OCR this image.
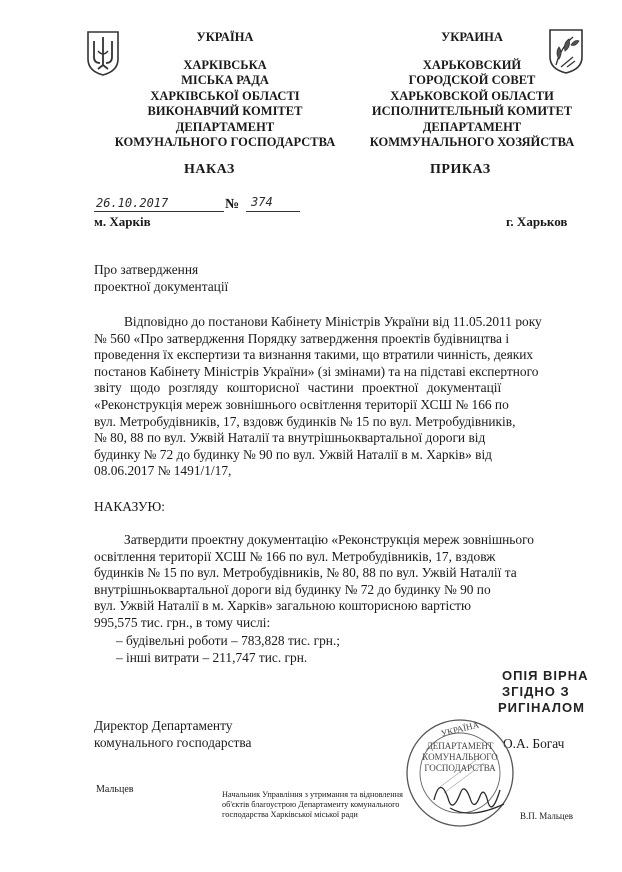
УКРАЇНА
ХАРКІВСЬКА
МІСЬКА РАДА
ХАРКІВСЬКОЇ ОБЛАСТІ
ВИКОНАВЧИЙ КОМІТЕТ
ДЕПАРТАМЕНТ
КОМУНАЛЬНОГО ГОСПОДАРСТВА
УКРАИНА
ХАРЬКОВСКИЙ
ГОРОДСКОЙ СОВЕТ
ХАРЬКОВСКОЙ ОБЛАСТИ
ИСПОЛНИТЕЛЬНЫЙ КОМИТЕТ
ДЕПАРТАМЕНТ
КОММУНАЛЬНОГО ХОЗЯЙСТВА
НАКАЗ	ПРИКАЗ
26.10.2017	№ 374
м. Харків	г. Харьков
Про затвердження
проектної документації
Відповідно до постанови Кабінету Міністрів України від 11.05.2011 року
№ 560 «Про затвердження Порядку затвердження проектів будівництва і
проведення їх експертизи та визнання такими, що втратили чинність, деяких
постанов Кабінету Міністрів України» (зі змінами) та на підставі експертного
звіту щодо розгляду кошторисної частини проектної документації
«Реконструкція мереж зовнішнього освітлення території ХСШ № 166 по
вул. Метробудівників, 17, вздовж будинків № 15 по вул. Метробудівників,
№ 80, 88 по вул. Ужвій Наталії та внутрішньоквартальної дороги від
будинку № 72 до будинку № 90 по вул. Ужвій Наталії в м. Харків» від
08.06.2017 № 1491/1/17,
НАКАЗУЮ:
Затвердити проектну документацію «Реконструкція мереж зовнішнього
освітлення території ХСШ № 166 по вул. Метробудівників, 17, вздовж
будинків № 15 по вул. Метробудівників, № 80, 88 по вул. Ужвій Наталії та
внутрішньоквартальної дороги від будинку № 72 до будинку № 90 по
вул. Ужвій Наталії в м. Харків» загальною кошторисною вартістю
995,575 тис. грн., в тому числі:
– будівельні роботи – 783,828 тис. грн.;
– інші витрати – 211,747 тис. грн.
ОПІЯ ВІРНА
ЗГІДНО З
РИГІНАЛОМ
Директор Департаменту
комунального господарства	О.А. Богач
УКРАЇНА
ДЕПАРТАМЕНТ
КОМУНАЛЬНОГО
ГОСПОДАРСТВА
Мальцев	Начальник Управління з утримання та відновлення
об'єктів благоустрою Департаменту комунального
господарства Харківської міської ради	В.П. Мальцев
